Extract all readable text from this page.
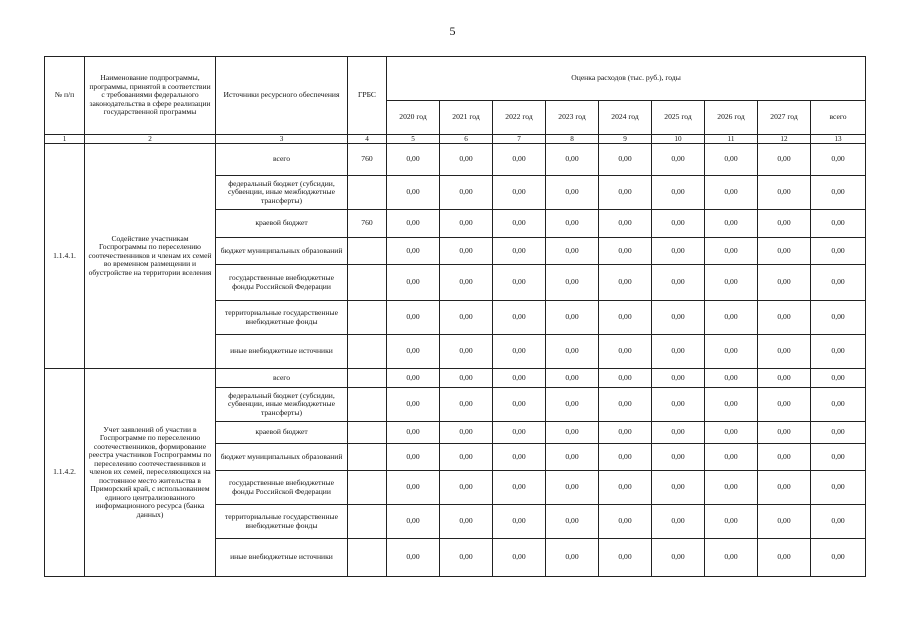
5
№ п/п	Наименование подпрограммы, программы, принятой в соответствии с требованиями федерального законодательства в сфере реализации государственной программы	Источники ресурсного обеспечения	ГРБС	Оценка расходов (тыс. руб.), годы								
				2020 год	2021 год	2022 год	2023 год	2024 год	2025 год	2026 год	2027 год	всего
1	2	3	4	5	6	7	8	9	10	11	12	13
1.1.4.1.	Содействие участникам Госпрограммы по переселению соотечественников и членам их семей во временном размещении и обустройстве на территории вселения	всего	760	0,00	0,00	0,00	0,00	0,00	0,00	0,00	0,00	0,00
		федеральный бюджет (субсидии, субвенции, иные межбюджетные трансферты)		0,00	0,00	0,00	0,00	0,00	0,00	0,00	0,00	0,00
		краевой бюджет	760	0,00	0,00	0,00	0,00	0,00	0,00	0,00	0,00	0,00
		бюджет муниципальных образований		0,00	0,00	0,00	0,00	0,00	0,00	0,00	0,00	0,00
		государственные внебюджетные фонды Российской Федерации		0,00	0,00	0,00	0,00	0,00	0,00	0,00	0,00	0,00
		территориальные государственные внебюджетные фонды		0,00	0,00	0,00	0,00	0,00	0,00	0,00	0,00	0,00
		иные внебюджетные источники		0,00	0,00	0,00	0,00	0,00	0,00	0,00	0,00	0,00
1.1.4.2.	Учет заявлений об участии в Госпрограмме по переселению соотечественников, формирование реестра участников Госпрограммы по переселению соотечественников и членов их семей, переселяющихся на постоянное место жительства в Приморский край, с использованием единого централизованного информационного ресурса (банка данных)	всего		0,00	0,00	0,00	0,00	0,00	0,00	0,00	0,00	0,00
		федеральный бюджет (субсидии, субвенции, иные межбюджетные трансферты)		0,00	0,00	0,00	0,00	0,00	0,00	0,00	0,00	0,00
		краевой бюджет		0,00	0,00	0,00	0,00	0,00	0,00	0,00	0,00	0,00
		бюджет муниципальных образований		0,00	0,00	0,00	0,00	0,00	0,00	0,00	0,00	0,00
		государственные внебюджетные фонды Российской Федерации		0,00	0,00	0,00	0,00	0,00	0,00	0,00	0,00	0,00
		территориальные государственные внебюджетные фонды		0,00	0,00	0,00	0,00	0,00	0,00	0,00	0,00	0,00
		иные внебюджетные источники		0,00	0,00	0,00	0,00	0,00	0,00	0,00	0,00	0,00
